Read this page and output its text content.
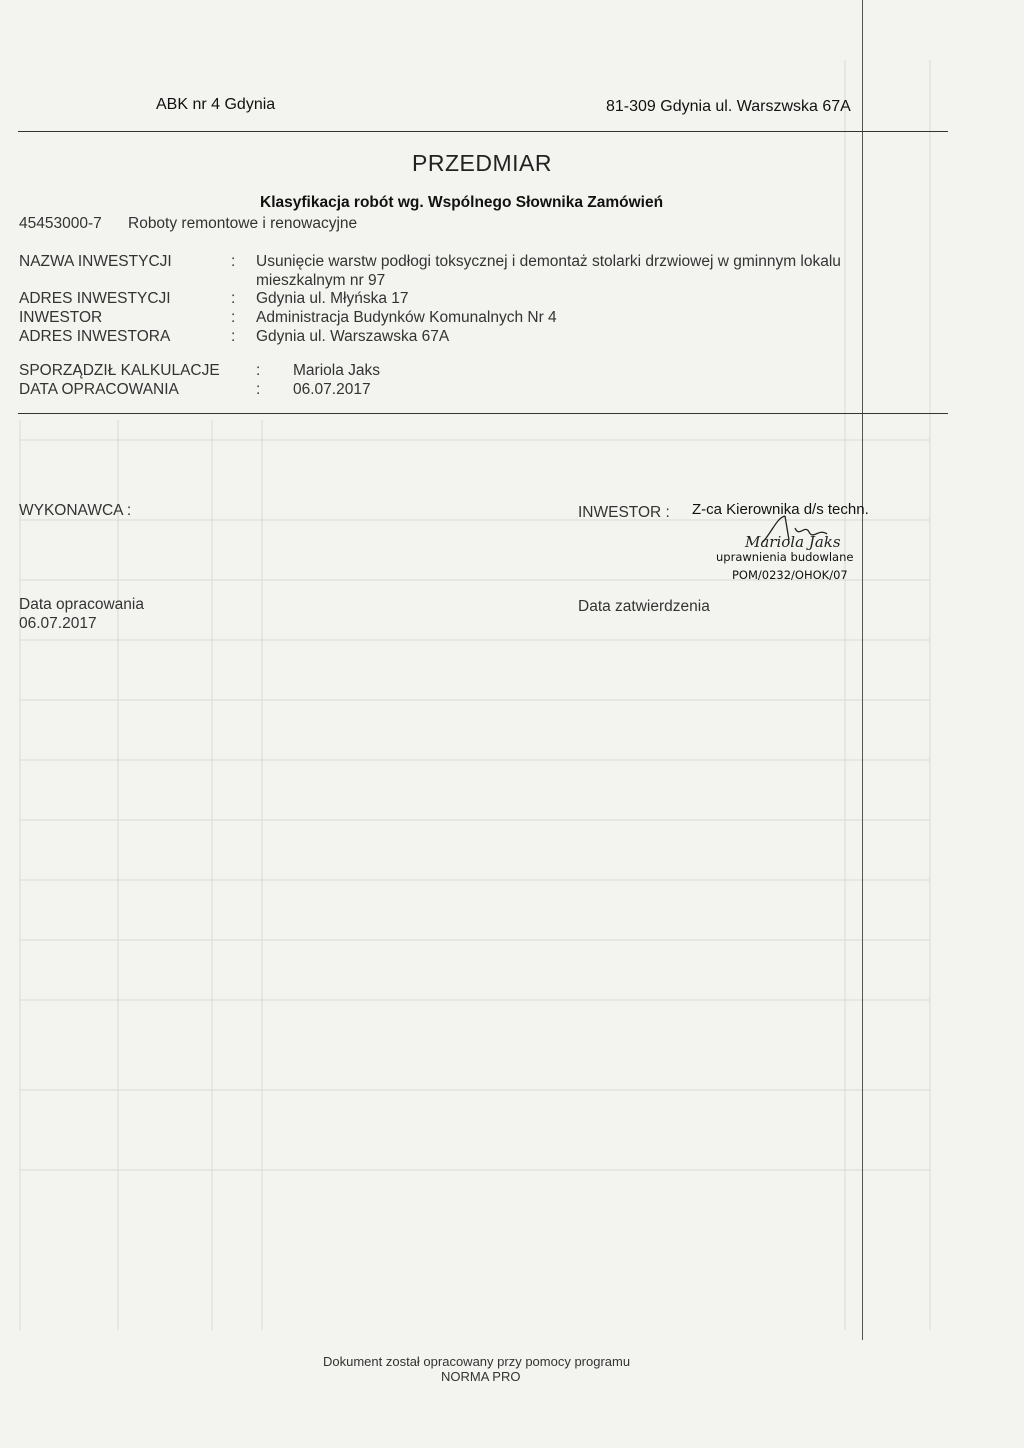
ABK nr 4 Gdynia	81-309 Gdynia ul. Warszwska 67A
PRZEDMIAR
Klasyfikacja robót wg. Wspólnego Słownika Zamówień
45453000-7 Roboty remontowe i renowacyjne
NAZWA INWESTYCJI	: Usunięcie warstw podłogi toksycznej i demontaż stolarki drzwiowej w gminnym lokalu
mieszkalnym nr 97
ADRES INWESTYCJI	: Gdynia ul. Młyńska 17
INWESTOR	: Administracja Budynków Komunalnych Nr 4
ADRES INWESTORA	: Gdynia ul. Warszawska 67A
SPORZĄDZIŁ KALKULACJE : Mariola Jaks
DATA OPRACOWANIA	: 06.07.2017
WYKONAWCA :	INWESTOR : Z-ca Kierownika d/s techn.
Mariola Jaks
uprawnienia budowlane
POM/0232/OHOK/07
Data opracowania
06.07.2017
Data zatwierdzenia
Dokument został opracowany przy pomocy programu
NORMA PRO
